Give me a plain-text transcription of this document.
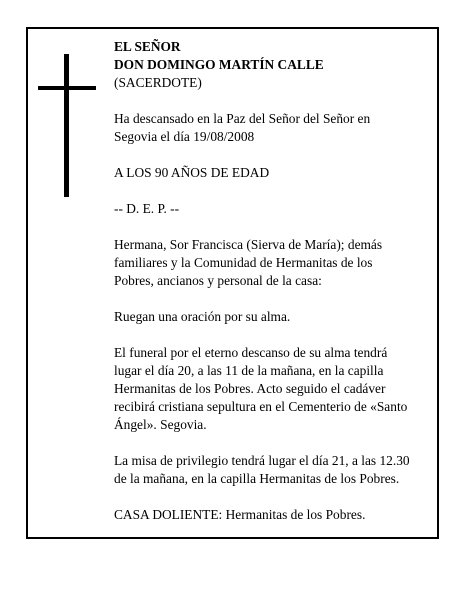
EL SEÑOR
DON DOMINGO MARTÍN CALLE
(SACERDOTE)

Ha descansado en la Paz del Señor del Señor en
Segovia el día 19/08/2008

A LOS 90 AÑOS DE EDAD

-- D. E. P. --

Hermana, Sor Francisca (Sierva de María); demás
familiares y la Comunidad de Hermanitas de los
Pobres, ancianos y personal de la casa:

Ruegan una oración por su alma.

El funeral por el eterno descanso de su alma tendrá
lugar el día 20, a las 11 de la mañana, en la capilla
Hermanitas de los Pobres. Acto seguido el cadáver
recibirá cristiana sepultura en el Cementerio de «Santo
Ángel». Segovia.

La misa de privilegio tendrá lugar el día 21, a las 12.30
de la mañana, en la capilla Hermanitas de los Pobres.

CASA DOLIENTE: Hermanitas de los Pobres.
